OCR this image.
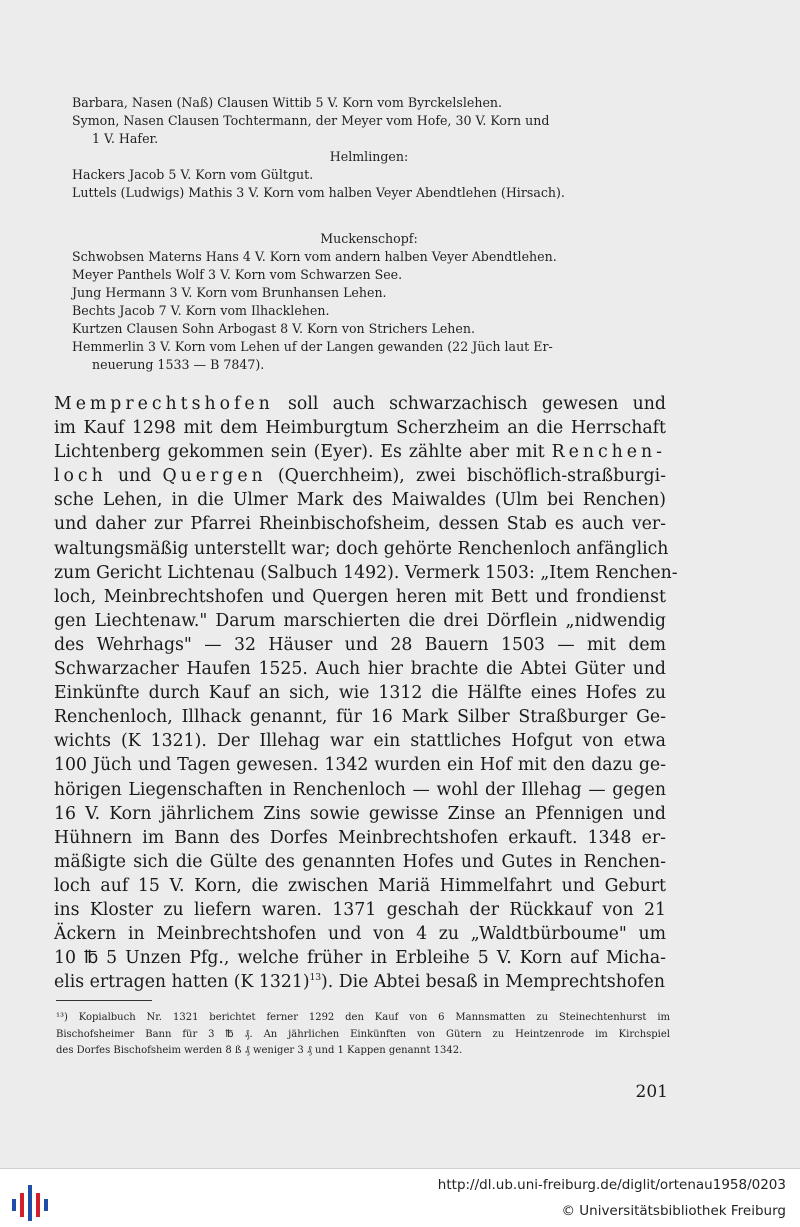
Barbara, Nasen (Naß) Clausen Wittib 5 V. Korn vom Byrckelslehen.
Symon, Nasen Clausen Tochtermann, der Meyer vom Hofe, 30 V. Korn und
1 V. Hafer.
Helmlingen:
Hackers Jacob 5 V. Korn vom Gültgut.
Luttels (Ludwigs) Mathis 3 V. Korn vom halben Veyer Abendtlehen (Hirsach).
Muckenschopf:
Schwobsen Materns Hans 4 V. Korn vom andern halben Veyer Abendtlehen.
Meyer Panthels Wolf 3 V. Korn vom Schwarzen See.
Jung Hermann 3 V. Korn vom Brunhansen Lehen.
Bechts Jacob 7 V. Korn vom Ilhacklehen.
Kurtzen Clausen Sohn Arbogast 8 V. Korn von Strichers Lehen.
Hemmerlin 3 V. Korn vom Lehen uf der Langen gewanden (22 Jüch laut Er-
neuerung 1533 — B 7847).
Memprechtshofen soll auch schwarzachisch gewesen und
im Kauf 1298 mit dem Heimburgtum Scherzheim an die Herrschaft
Lichtenberg gekommen sein (Eyer). Es zählte aber mit Renchen-
loch und Quergen (Querchheim), zwei bischöflich-straßburgi-
sche Lehen, in die Ulmer Mark des Maiwaldes (Ulm bei Renchen)
und daher zur Pfarrei Rheinbischofsheim, dessen Stab es auch ver-
waltungsmäßig unterstellt war; doch gehörte Renchenloch anfänglich
zum Gericht Lichtenau (Salbuch 1492). Vermerk 1503: „Item Renchen-
loch, Meinbrechtshofen und Quergen heren mit Bett und frondienst
gen Liechtenaw." Darum marschierten die drei Dörflein „nidwendig
des Wehrhags" — 32 Häuser und 28 Bauern 1503 — mit dem
Schwarzacher Haufen 1525. Auch hier brachte die Abtei Güter und
Einkünfte durch Kauf an sich, wie 1312 die Hälfte eines Hofes zu
Renchenloch, Illhack genannt, für 16 Mark Silber Straßburger Ge-
wichts (K 1321). Der Illehag war ein stattliches Hofgut von etwa
100 Jüch und Tagen gewesen. 1342 wurden ein Hof mit den dazu ge-
hörigen Liegenschaften in Renchenloch — wohl der Illehag — gegen
16 V. Korn jährlichem Zins sowie gewisse Zinse an Pfennigen und
Hühnern im Bann des Dorfes Meinbrechtshofen erkauft. 1348 er-
mäßigte sich die Gülte des genannten Hofes und Gutes in Renchen-
loch auf 15 V. Korn, die zwischen Mariä Himmelfahrt und Geburt
ins Kloster zu liefern waren. 1371 geschah der Rückkauf von 21
Äckern in Meinbrechtshofen und von 4 zu „Waldtbürboume" um
10 ℔ 5 Unzen Pfg., welche früher in Erbleihe 5 V. Korn auf Micha-
elis ertragen hatten (K 1321)$^{13}$). Die Abtei besaß in Memprechtshofen
¹³) Kopialbuch Nr. 1321 berichtet ferner 1292 den Kauf von 6 Mannsmatten zu Steinechtenhurst im
Bischofsheimer Bann für 3 ℔ ₰. An jährlichen Einkünften von Gütern zu Heintzenrode im Kirchspiel
des Dorfes Bischofsheim werden 8 ß ₰ weniger 3 ₰ und 1 Kappen genannt 1342.
201
http://dl.ub.uni-freiburg.de/diglit/ortenau1958/0203
© Universitätsbibliothek Freiburg
